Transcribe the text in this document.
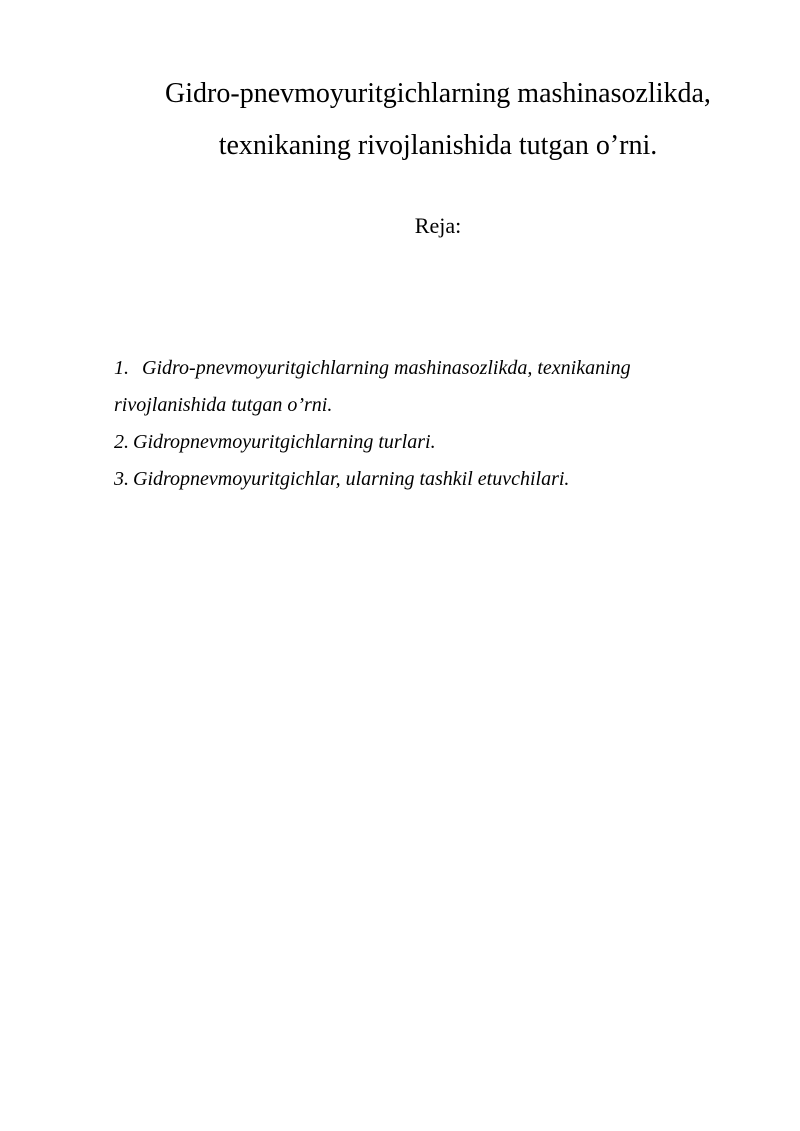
Gidro-pnevmoyuritgichlarning mashinasozlikda,
texnikaning rivojlanishida tutgan o’rni.
Reja:
1. Gidro-pnevmoyuritgichlarning mashinasozlikda, texnikaning
rivojlanishida tutgan o’rni.
2. Gidropnevmoyuritgichlarning turlari.
3. Gidropnevmoyuritgichlar, ularning tashkil etuvchilari.
